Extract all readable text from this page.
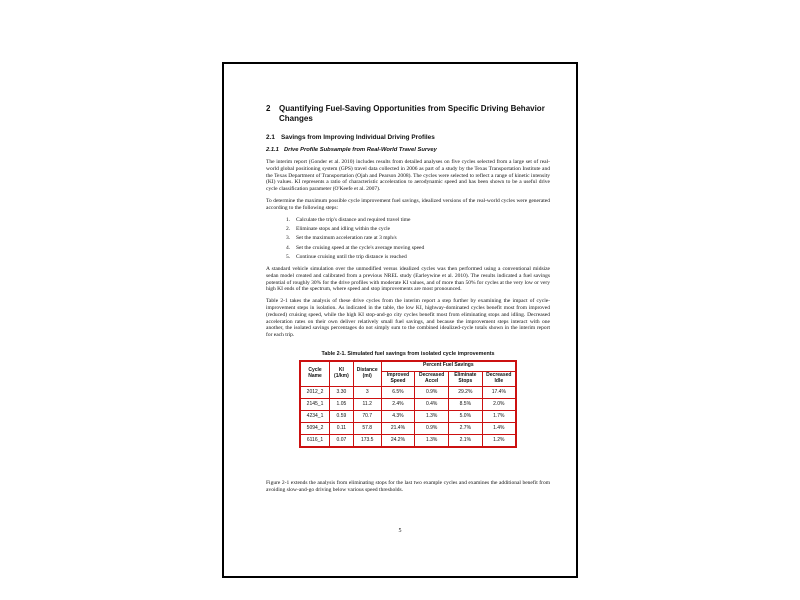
2	Quantifying Fuel-Saving Opportunities from Specific Driving Behavior Changes
2.1 Savings from Improving Individual Driving Profiles
2.1.1 Drive Profile Subsample from Real-World Travel Survey

The interim report (Gonder et al. 2010) includes results from detailed analyses on five cycles selected from a large set of real-world global positioning system (GPS) travel data collected in 2006 as part of a study by the Texas Transportation Institute and the Texas Department of Transportation (Ojah and Pearson 2008). The cycles were selected to reflect a range of kinetic intensity (KI) values. KI represents a ratio of characteristic acceleration to aerodynamic speed and has been shown to be a useful drive cycle classification parameter (O'Keefe et al. 2007).

To determine the maximum possible cycle improvement fuel savings, idealized versions of the real-world cycles were generated according to the following steps:

1.	Calculate the trip's distance and required travel time
2.	Eliminate stops and idling within the cycle
3.	Set the maximum acceleration rate at 3 mph/s
4.	Set the cruising speed at the cycle's average moving speed
5.	Continue cruising until the trip distance is reached

A standard vehicle simulation over the unmodified versus idealized cycles was then performed using a conventional midsize sedan model created and calibrated from a previous NREL study (Earleywine et al. 2010). The results indicated a fuel savings potential of roughly 30% for the drive profiles with moderate KI values, and of more than 50% for cycles at the very low or very high KI ends of the spectrum, where speed and stop improvements are most pronounced.

Table 2-1 takes the analysis of these drive cycles from the interim report a step further by examining the impact of cycle-improvement steps in isolation. As indicated in the table, the low KI, highway-dominated cycles benefit most from improved (reduced) cruising speed, while the high KI stop-and-go city cycles benefit most from eliminating stops and idling. Decreased acceleration rates on their own deliver relatively small fuel savings, and because the improvement steps interact with one another, the isolated savings percentages do not simply sum to the combined idealized-cycle totals shown in the interim report for each trip.

Table 2-1. Simulated fuel savings from isolated cycle improvements
Cycle Name	KI (1/km)	Distance (mi)	Percent Fuel Savings			
			Improved Speed	Decreased Accel	Eliminate Stops	Decreased Idle
2012_2	3.30	3	6.5%	0.9%	29.2%	17.4%
2145_1	1.05	11.2	2.4%	0.4%	8.5%	2.0%
4234_1	0.59	70.7	4.3%	1.3%	5.0%	1.7%
5094_2	0.11	57.8	21.4%	0.9%	2.7%	1.4%
6116_1	0.07	173.5	24.2%	1.3%	2.1%	1.2%

Figure 2-1 extends the analysis from eliminating stops for the last two example cycles and examines the additional benefit from avoiding slow-and-go driving below various speed thresholds.

5
